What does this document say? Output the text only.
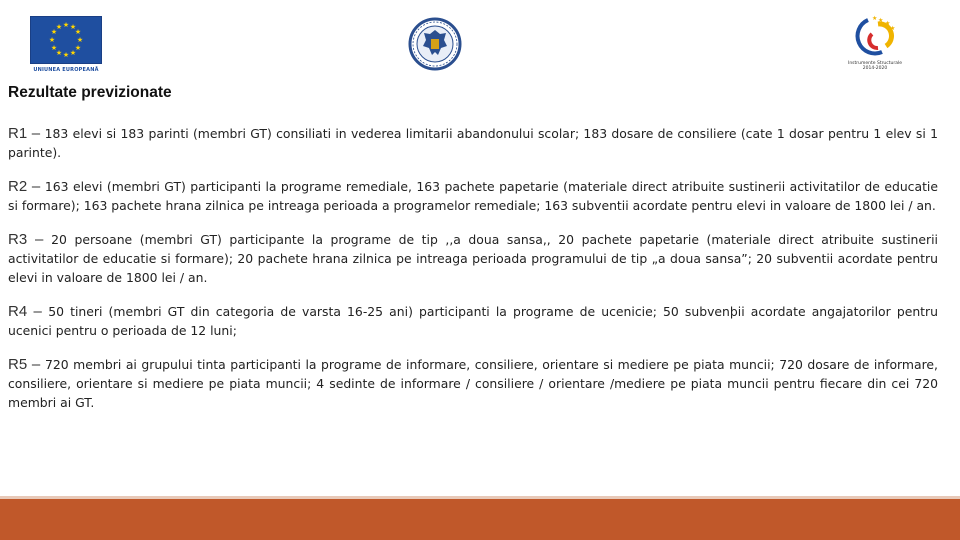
★ ★
★
★
★
★
★
★
★
★
★
★
UNIUNEA EUROPEANĂ
★ ★
★
★
Instrumente Structurale
2014-2020
Rezultate previzionate

R1 – 183 elevi si 183 parinti (membri GT) consiliati in vederea limitarii abandonului scolar; 183 dosare de consiliere (cate 1 dosar pentru 1 elev si 1 parinte).

R2 – 163 elevi (membri GT) participanti la programe remediale, 163 pachete papetarie (materiale direct atribuite sustinerii activitatilor de educatie si formare); 163 pachete hrana zilnica pe intreaga perioada a programelor remediale; 163 subventii acordate pentru elevi in valoare de 1800 lei / an.

R3 – 20 persoane (membri GT) participante la programe de tip ,,a doua sansa,, 20 pachete papetarie (materiale direct atribuite sustinerii activitatilor de educatie si formare); 20 pachete hrana zilnica pe intreaga perioada programului de tip „a doua sansa”; 20 subventii acordate pentru elevi in valoare de 1800 lei / an.

R4 – 50 tineri (membri GT din categoria de varsta 16-25 ani) participanti la programe de ucenicie; 50 subvenþii acordate angajatorilor pentru ucenici pentru o perioada de 12 luni;

R5 – 720 membri ai grupului tinta participanti la programe de informare, consiliere, orientare si mediere pe piata muncii; 720 dosare de informare, consiliere, orientare si mediere pe piata muncii; 4 sedinte de informare / consiliere / orientare /mediere pe piata muncii pentru fiecare din cei 720 membri ai GT.
